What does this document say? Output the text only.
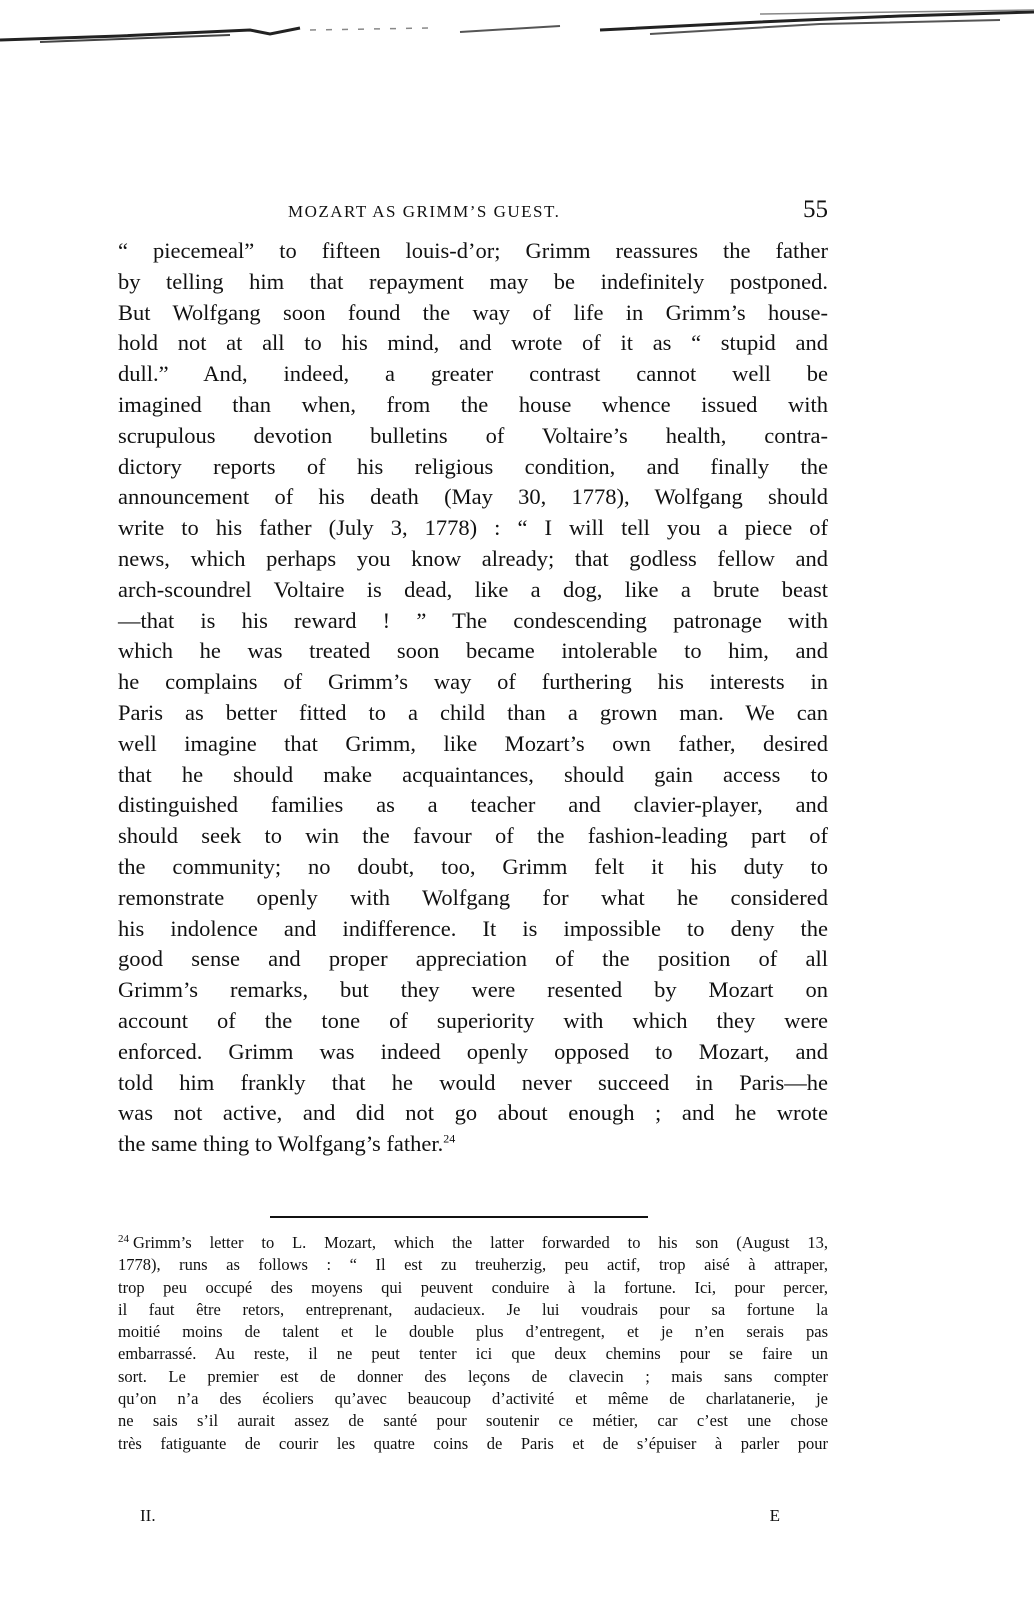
MOZART AS GRIMM’S GUEST.	55
“ piecemeal” to fifteen louis-d’or; Grimm reassures the father
by telling him that repayment may be indefinitely postponed.
But Wolfgang soon found the way of life in Grimm’s house-
hold not at all to his mind, and wrote of it as “ stupid and
dull.” And, indeed, a greater contrast cannot well be
imagined than when, from the house whence issued with
scrupulous devotion bulletins of Voltaire’s health, contra-
dictory reports of his religious condition, and finally the
announcement of his death (May 30, 1778), Wolfgang should
write to his father (July 3, 1778) : “ I will tell you a piece of
news, which perhaps you know already; that godless fellow and
arch-scoundrel Voltaire is dead, like a dog, like a brute beast
—that is his reward ! ” The condescending patronage with
which he was treated soon became intolerable to him, and
he complains of Grimm’s way of furthering his interests in
Paris as better fitted to a child than a grown man. We can
well imagine that Grimm, like Mozart’s own father, desired
that he should make acquaintances, should gain access to
distinguished families as a teacher and clavier-player, and
should seek to win the favour of the fashion-leading part of
the community; no doubt, too, Grimm felt it his duty to
remonstrate openly with Wolfgang for what he considered
his indolence and indifference. It is impossible to deny the
good sense and proper appreciation of the position of all
Grimm’s remarks, but they were resented by Mozart on
account of the tone of superiority with which they were
enforced. Grimm was indeed openly opposed to Mozart, and
told him frankly that he would never succeed in Paris—he
was not active, and did not go about enough ; and he wrote
the same thing to Wolfgang’s father.$^{24}$
$^{24}$ Grimm’s letter to L. Mozart, which the latter forwarded to his son (August 13,
1778), runs as follows : “ Il est zu treuherzig, peu actif, trop aisé à attraper,
trop peu occupé des moyens qui peuvent conduire à la fortune. Ici, pour percer,
il faut être retors, entreprenant, audacieux. Je lui voudrais pour sa fortune la
moitié moins de talent et le double plus d’entregent, et je n’en serais pas
embarrassé. Au reste, il ne peut tenter ici que deux chemins pour se faire un
sort. Le premier est de donner des leçons de clavecin ; mais sans compter
qu’on n’a des écoliers qu’avec beaucoup d’activité et même de charlatanerie, je
ne sais s’il aurait assez de santé pour soutenir ce métier, car c’est une chose
très fatiguante de courir les quatre coins de Paris et de s’épuiser à parler pour
II.	E
